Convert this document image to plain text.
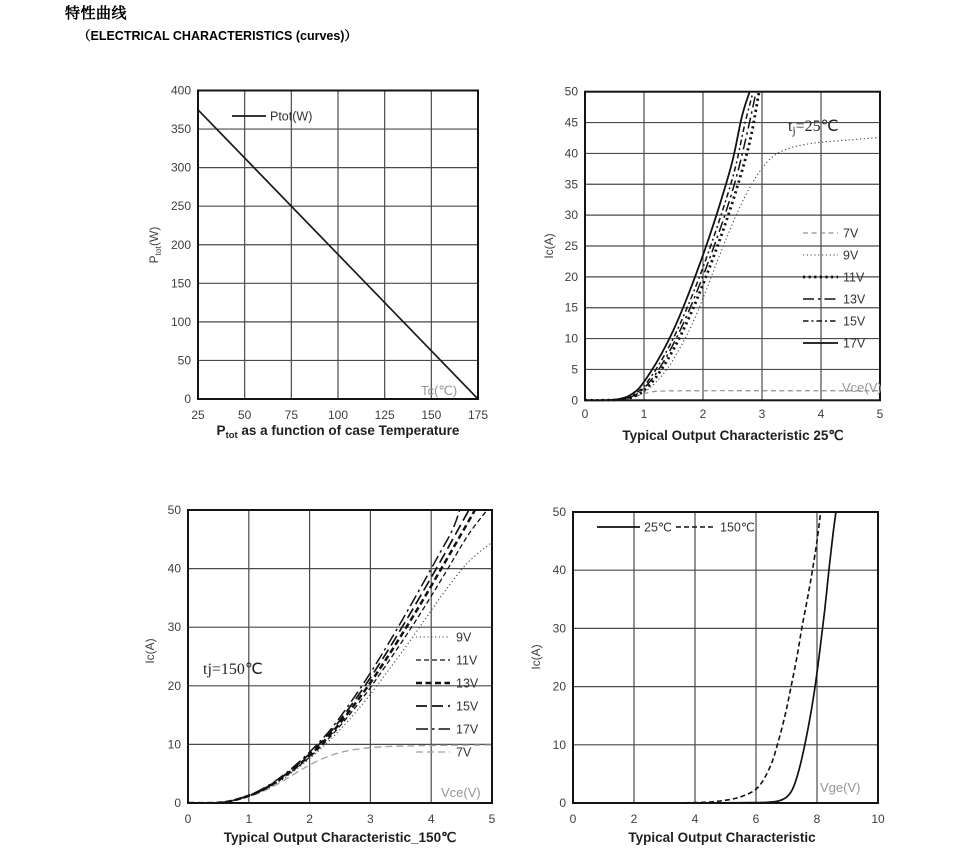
特性曲线
（ELECTRICAL CHARACTERISTICS (curves)）
25	50	75 100 125 150 175
0
50
100
150
200
250
300
350
400
$P_{tot}(W)$
$P_{tot}$ as a function of case Temperature
Tc(℃)
Ptot(W)
0	1	2	3	4	5
0
5
10
15
20
25
30
35
40
45
50
Ic(A)
Typical Output Characteristic 25℃
tj=25℃
Vce(V)
7V
9V
11V
13V
15V
17V
0	1	2	3	4	5
0
10
20
30
40
50
Ic(A)
Typical Output Characteristic_150℃
tj=150℃
Vce(V)
9V
11V
13V
15V
17V
7V
0	2	4	6	8	10
0
10
20
30
40
50
Ic(A)
Typical Output Characteristic
Vge(V)
25℃	150℃
